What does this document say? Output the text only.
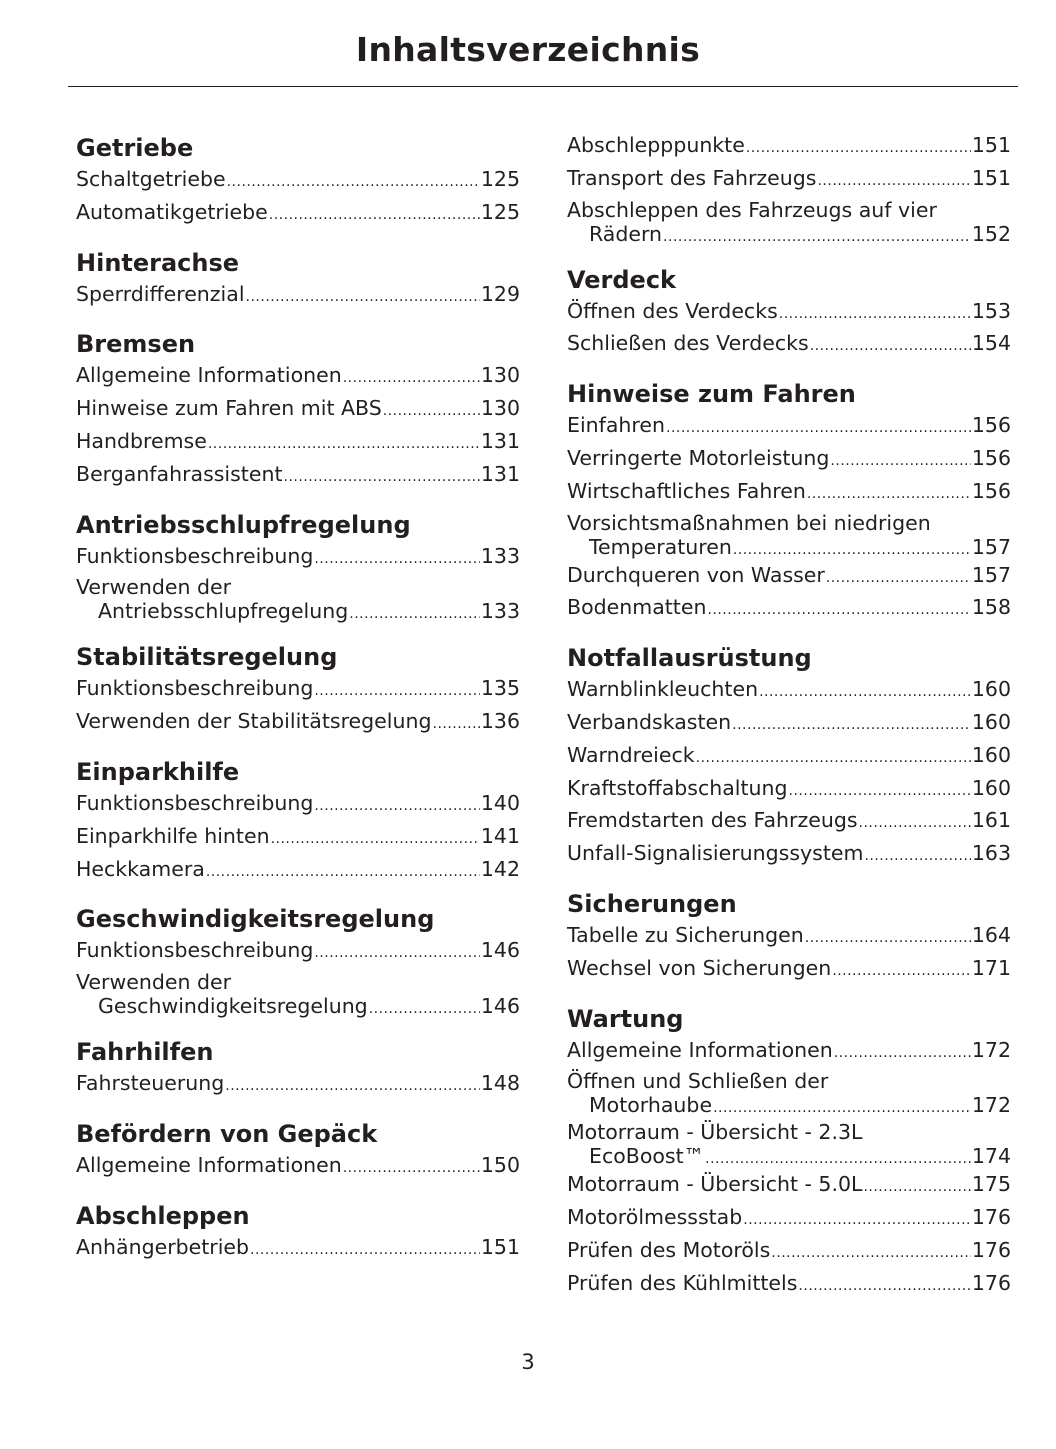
Inhaltsverzeichnis
Getriebe
Schaltgetriebe .....	125
Automatikgetriebe .....	125
Hinterachse
Sperrdifferenzial .....	129
Bremsen
Allgemeine Informationen .....	130
Hinweise zum Fahren mit ABS .....	130
Handbremse .....	131
Berganfahrassistent .....	131
Antriebsschlupfregelung
Funktionsbeschreibung .....	133
Verwenden der
Antriebsschlupfregelung .....	133
Stabilitätsregelung
Funktionsbeschreibung .....	135
Verwenden der Stabilitätsregelung ..... 136
Einparkhilfe
Funktionsbeschreibung .....	140
Einparkhilfe hinten .....	141
Heckkamera .....	142
Geschwindigkeitsregelung
Funktionsbeschreibung .....	146
Verwenden der
Geschwindigkeitsregelung .....	146
Fahrhilfen
Fahrsteuerung .....	148
Befördern von Gepäck
Allgemeine Informationen .....	150
Abschleppen
Anhängerbetrieb .....	151
Abschlepppunkte .....	151
Transport des Fahrzeugs .....	151
Abschleppen des Fahrzeugs auf vier
Rädern .....	152
Verdeck
Öffnen des Verdecks .....	153
Schließen des Verdecks .....	154
Hinweise zum Fahren
Einfahren .....	156
Verringerte Motorleistung .....	156
Wirtschaftliches Fahren .....	156
Vorsichtsmaßnahmen bei niedrigen
Temperaturen .....	157
Durchqueren von Wasser .....	157
Bodenmatten .....	158
Notfallausrüstung
Warnblinkleuchten .....	160
Verbandskasten .....	160
Warndreieck .....	160
Kraftstoffabschaltung .....	160
Fremdstarten des Fahrzeugs .....	161
Unfall-Signalisierungssystem .....	163
Sicherungen
Tabelle zu Sicherungen .....	164
Wechsel von Sicherungen .....	171
Wartung
Allgemeine Informationen .....	172
Öffnen und Schließen der
Motorhaube .....	172
Motorraum - Übersicht - 2.3L
EcoBoost™ .....	174
Motorraum - Übersicht - 5.0L .....	175
Motorölmessstab .....	176
Prüfen des Motoröls .....	176
Prüfen des Kühlmittels .....	176
3
